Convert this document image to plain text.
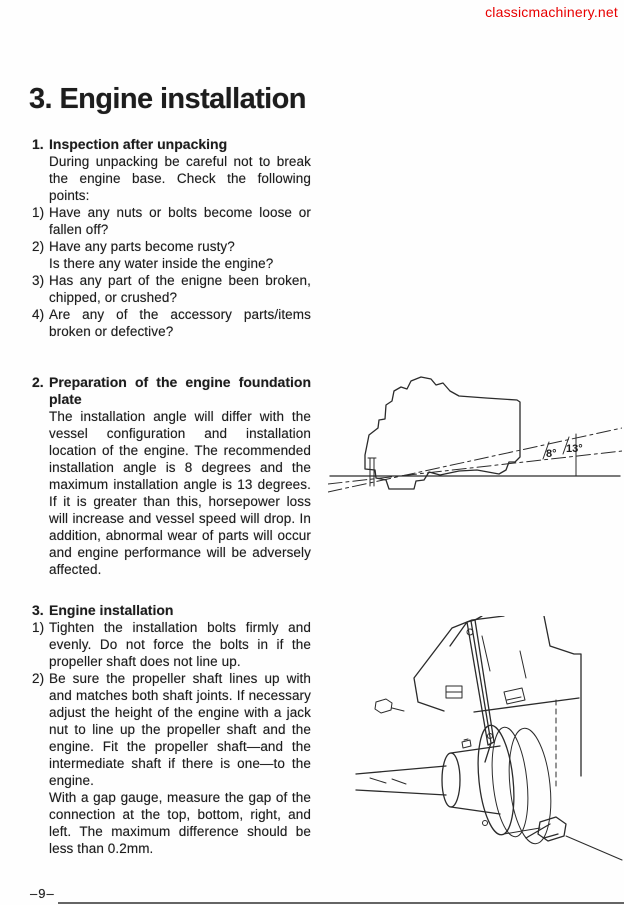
classicmachinery.net
3. Engine installation
1. Inspection after unpacking
During unpacking be careful not to break the engine base. Check the following points:
1) Have any nuts or bolts become loose or fallen off?
2) Have any parts become rusty?
Is there any water inside the engine?
3) Has any part of the enigne been broken, chipped, or crushed?
4) Are any of the accessory parts/items broken or defective?
2. Preparation of the engine foundation plate
The installation angle will differ with the vessel configuration and installation location of the engine. The recommended installation angle is 8 degrees and the maximum installation angle is 13 degrees. If it is greater than this, horsepower loss will increase and vessel speed will drop. In addition, abnormal wear of parts will occur and engine performance will be adversely affected.
8° 13°
3. Engine installation
1) Tighten the installation bolts firmly and evenly. Do not force the bolts in if the propeller shaft does not line up.
2) Be sure the propeller shaft lines up with and matches both shaft joints. If necessary adjust the height of the engine with a jack nut to line up the propeller shaft and the engine. Fit the propeller shaft—and the intermediate shaft if there is one—to the engine.
With a gap gauge, measure the gap of the connection at the top, bottom, right, and left. The maximum difference should be less than 0.2mm.
–9–
